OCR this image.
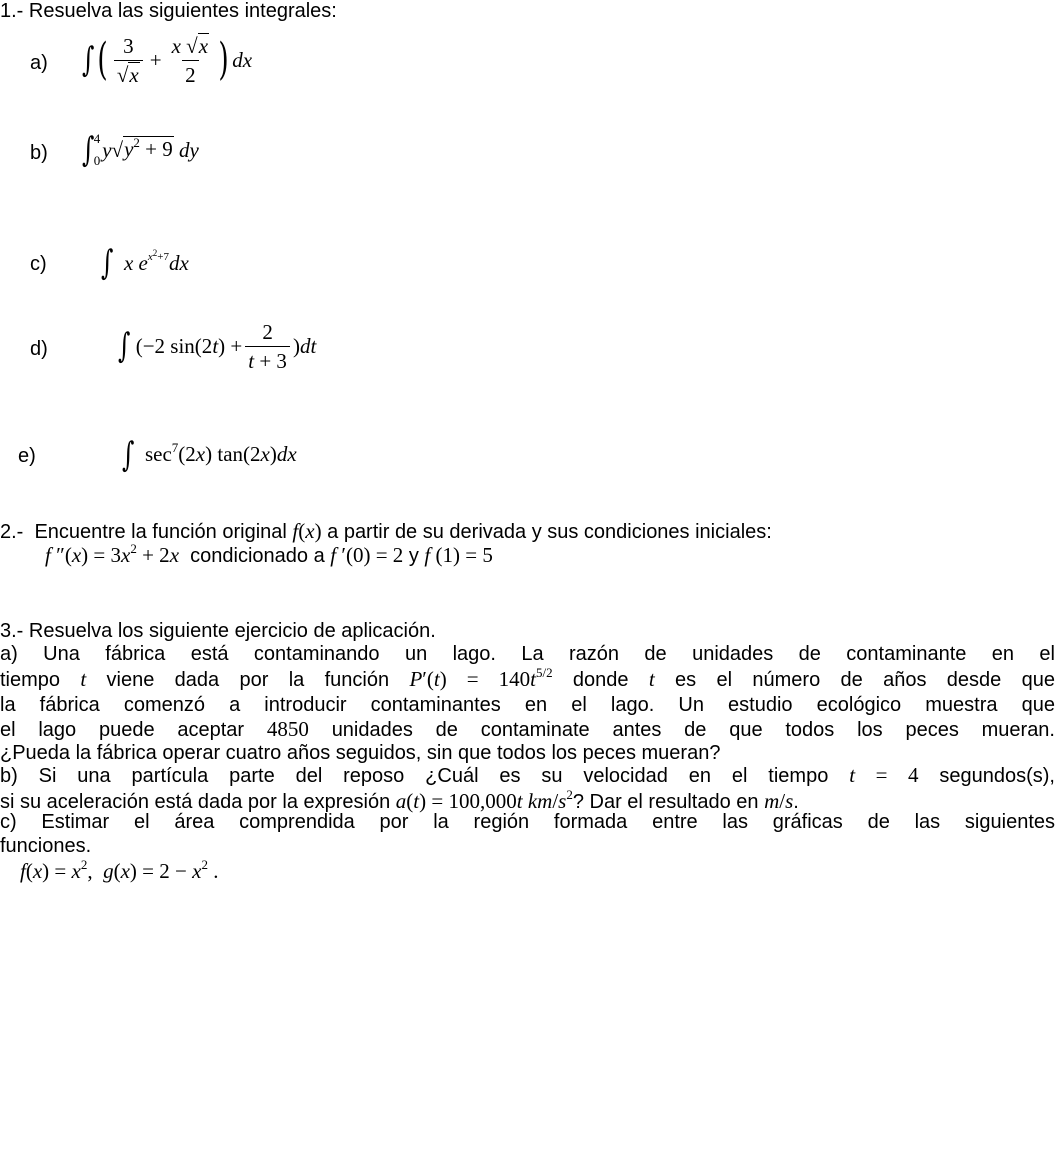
1.- Resuelva las siguientes integrales:
a) ∫ ( $\frac{3}{√x} + \frac{x √x}{2}$ ) dx
b) ∫ 4
0 y √ $y^2 + 9$
dy
c) ∫
x
e $x^2+7$ dx
d) ∫ (−2 $\sin(2t) + \frac{2}{t + 3} )dt$
e)	∫
$\sec^7(2x)$ tan(2x)dx
2.-  Encuentre la función original f(x) a partir de su derivada y sus condiciones iniciales:
f $''(x) = 3x^2 + 2x$ condicionado a f ′(0) = 2 y f (1) = 5
3.- Resuelva los siguiente ejercicio de aplicación.
a) Una fábrica está contaminando un lago. La razón de unidades de contaminante en el
tiempo t viene dada por la función $P'(t) = 140t^{5/2}$ donde t es el número de años desde que
la fábrica comenzó a introducir contaminantes en el lago. Un estudio ecológico muestra que
el lago puede aceptar 4850 unidades de contaminate antes de que todos los peces mueran.
¿Pueda la fábrica operar cuatro años seguidos, sin que todos los peces mueran?
b) Si una partícula parte del reposo ¿Cuál es su velocidad en el tiempo t = 4 segundos(s),
si su aceleración está dada por la expresión a(t) = 100,000t $km/s^2$? Dar el resultado en m/s.
c) Estimar el área comprendida por la región formada entre las gráficas de las siguientes
funciones.
$f(x) = x^2$,  $g(x) = 2 - x^2$ .
